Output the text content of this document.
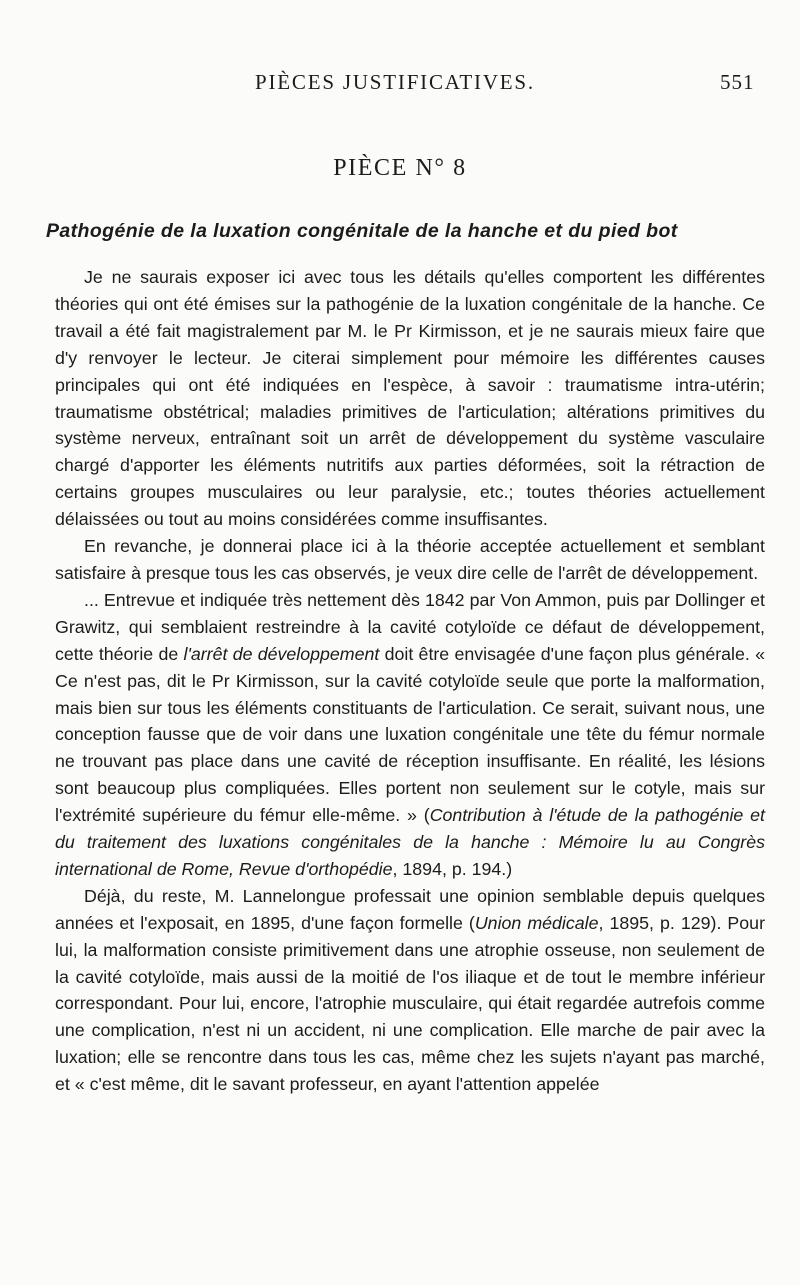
PIÈCES JUSTIFICATIVES.	551
PIÈCE N° 8
Pathogénie de la luxation congénitale de la hanche et du pied bot

Je ne saurais exposer ici avec tous les détails qu'elles comportent les différentes théories qui ont été émises sur la pathogénie de la luxation congénitale de la hanche. Ce travail a été fait magistralement par M. le Pr Kirmisson, et je ne saurais mieux faire que d'y renvoyer le lecteur. Je citerai simplement pour mémoire les différentes causes principales qui ont été indiquées en l'espèce, à savoir : traumatisme intra-utérin; traumatisme obstétrical; maladies primitives de l'articulation; altérations primitives du système nerveux, entraînant soit un arrêt de développement du système vasculaire chargé d'apporter les éléments nutritifs aux parties déformées, soit la rétraction de certains groupes musculaires ou leur paralysie, etc.; toutes théories actuellement délaissées ou tout au moins considérées comme insuffisantes.

En revanche, je donnerai place ici à la théorie acceptée actuellement et semblant satisfaire à presque tous les cas observés, je veux dire celle de l'arrêt de développement.

... Entrevue et indiquée très nettement dès 1842 par Von Ammon, puis par Dollinger et Grawitz, qui semblaient restreindre à la cavité cotyloïde ce défaut de développement, cette théorie de l'arrêt de développement doit être envisagée d'une façon plus générale. « Ce n'est pas, dit le Pr Kirmisson, sur la cavité cotyloïde seule que porte la malformation, mais bien sur tous les éléments constituants de l'articulation. Ce serait, suivant nous, une conception fausse que de voir dans une luxation congénitale une tête du fémur normale ne trouvant pas place dans une cavité de réception insuffisante. En réalité, les lésions sont beaucoup plus compliquées. Elles portent non seulement sur le cotyle, mais sur l'extrémité supérieure du fémur elle-même. » (Contribution à l'étude de la pathogénie et du traitement des luxations congénitales de la hanche : Mémoire lu au Congrès international de Rome, Revue d'orthopédie, 1894, p. 194.)

Déjà, du reste, M. Lannelongue professait une opinion semblable depuis quelques années et l'exposait, en 1895, d'une façon formelle (Union médicale, 1895, p. 129). Pour lui, la malformation consiste primitivement dans une atrophie osseuse, non seulement de la cavité cotyloïde, mais aussi de la moitié de l'os iliaque et de tout le membre inférieur correspondant. Pour lui, encore, l'atrophie musculaire, qui était regardée autrefois comme une complication, n'est ni un accident, ni une complication. Elle marche de pair avec la luxation; elle se rencontre dans tous les cas, même chez les sujets n'ayant pas marché, et « c'est même, dit le savant professeur, en ayant l'attention appelée
